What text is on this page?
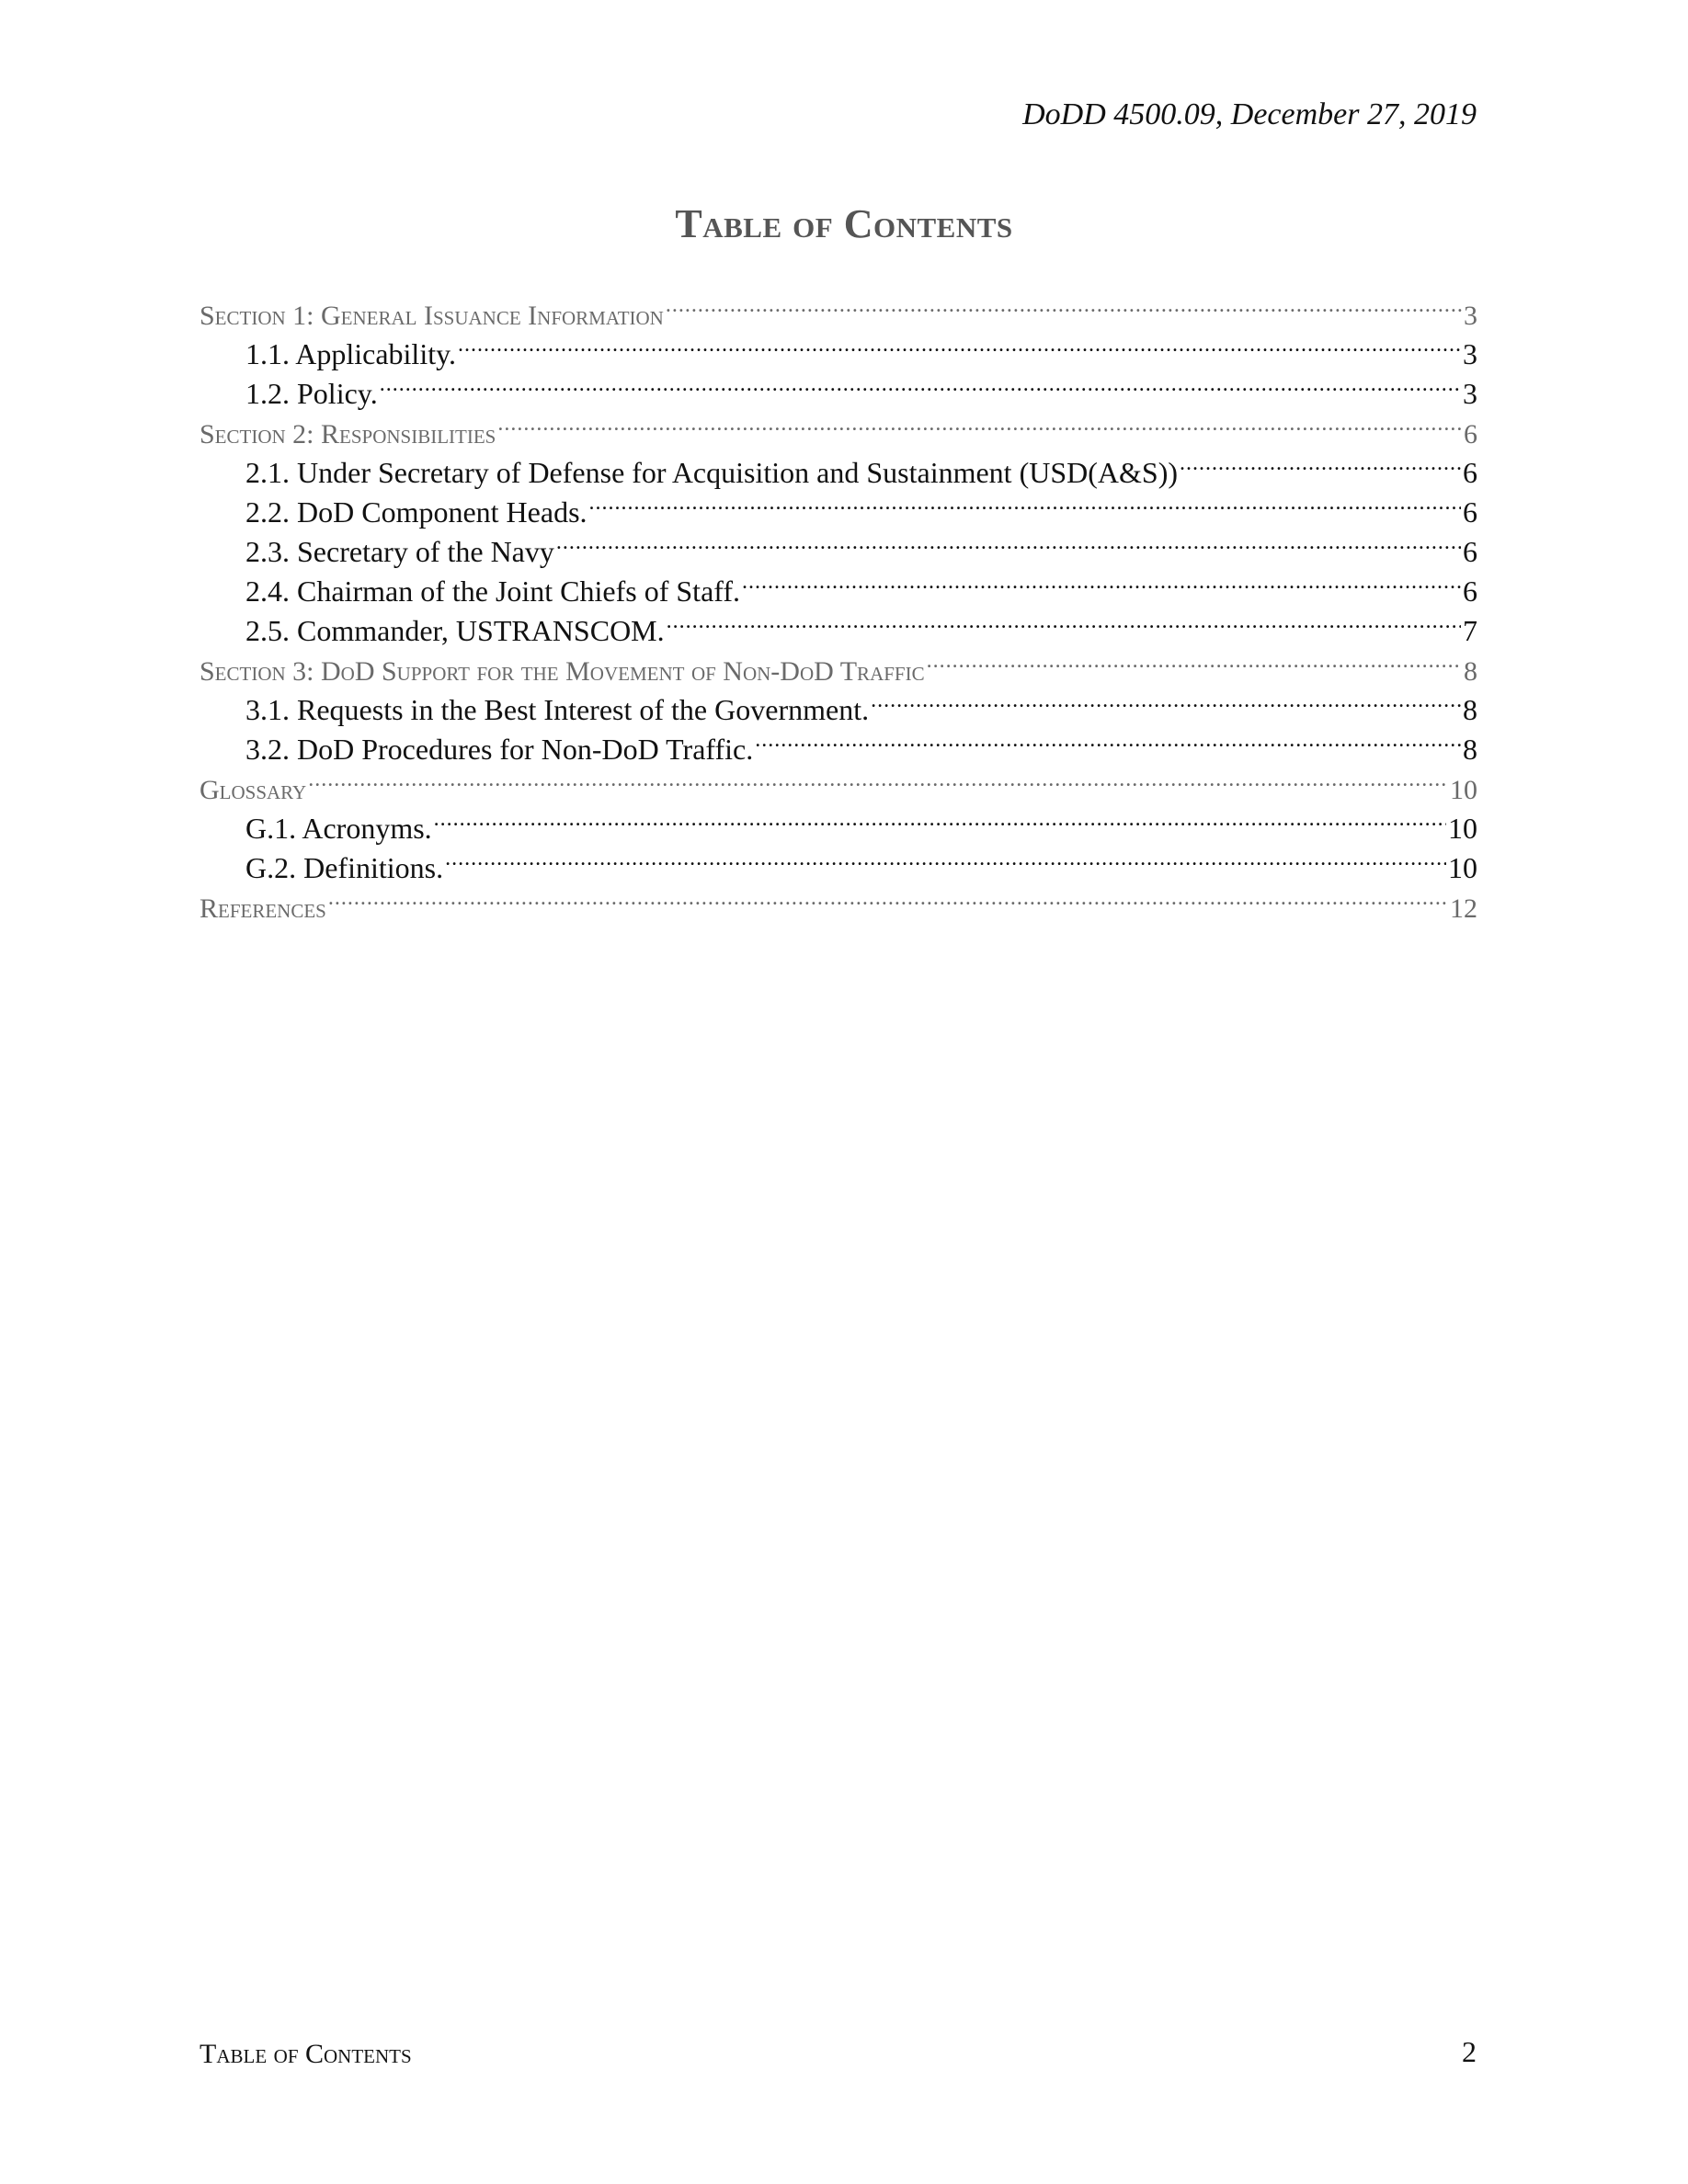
DoDD 4500.09, December 27, 2019
Table of Contents
Section 1: General Issuance Information .....	3
1.1. Applicability. .....	3
1.2. Policy. .....	3
Section 2: Responsibilities .....	6
2.1. Under Secretary of Defense for Acquisition and Sustainment (USD(A&S)) .....	6
2.2. DoD Component Heads. .....	6
2.3. Secretary of the Navy .....	6
2.4. Chairman of the Joint Chiefs of Staff. .....	6
2.5. Commander, USTRANSCOM. .....	7
Section 3: DoD Support for the Movement of Non-DoD Traffic .....	8
3.1. Requests in the Best Interest of the Government. .....	8
3.2. DoD Procedures for Non-DoD Traffic. .....	8
Glossary .....	10
G.1. Acronyms. .....	10
G.2. Definitions. .....	10
References .....	12
Table of Contents	2
